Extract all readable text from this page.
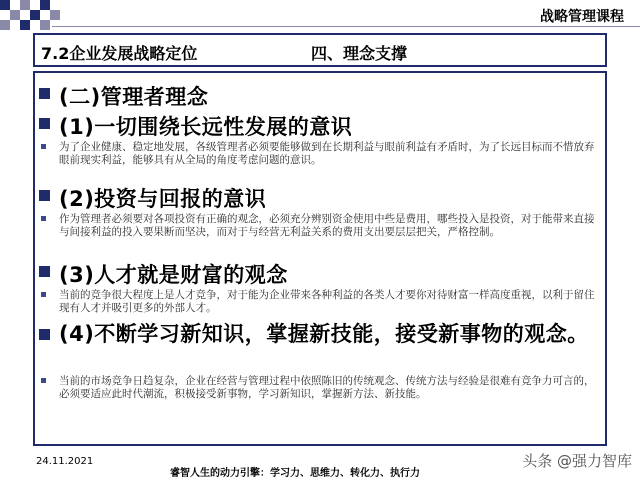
战略管理课程
7.2企业发展战略定位	四、理念支撑
(二)管理者理念
(1)一切围绕长远性发展的意识
为了企业健康、稳定地发展，各级管理者必须要能够做到在长期利益与眼前利益有矛盾时，为了长远目标而不惜放弃眼前现实利益，能够具有从全局的角度考虑问题的意识。
(2)投资与回报的意识
作为管理者必须要对各项投资有正确的观念，必须充分辨别资金使用中些是费用，哪些投入是投资，对于能带来直接与间接利益的投入要果断而坚决，而对于与经营无利益关系的费用支出要层层把关，严格控制。
(3)人才就是财富的观念
当前的竞争很大程度上是人才竞争，对于能为企业带来各种利益的各类人才要你对待财富一样高度重视，以利于留住现有人才并吸引更多的外部人才。
(4)不断学习新知识，掌握新技能，接受新事物的观念。
当前的市场竞争日趋复杂，企业在经营与管理过程中依照陈旧的传统观念、传统方法与经验是很难有竞争力可言的，必须要适应此时代潮流，积极接受新事物，学习新知识，掌握新方法、新技能。
24.11.2021
睿智人生的动力引擎：学习力、思维力、转化力、执行力
头条 @强力智库
